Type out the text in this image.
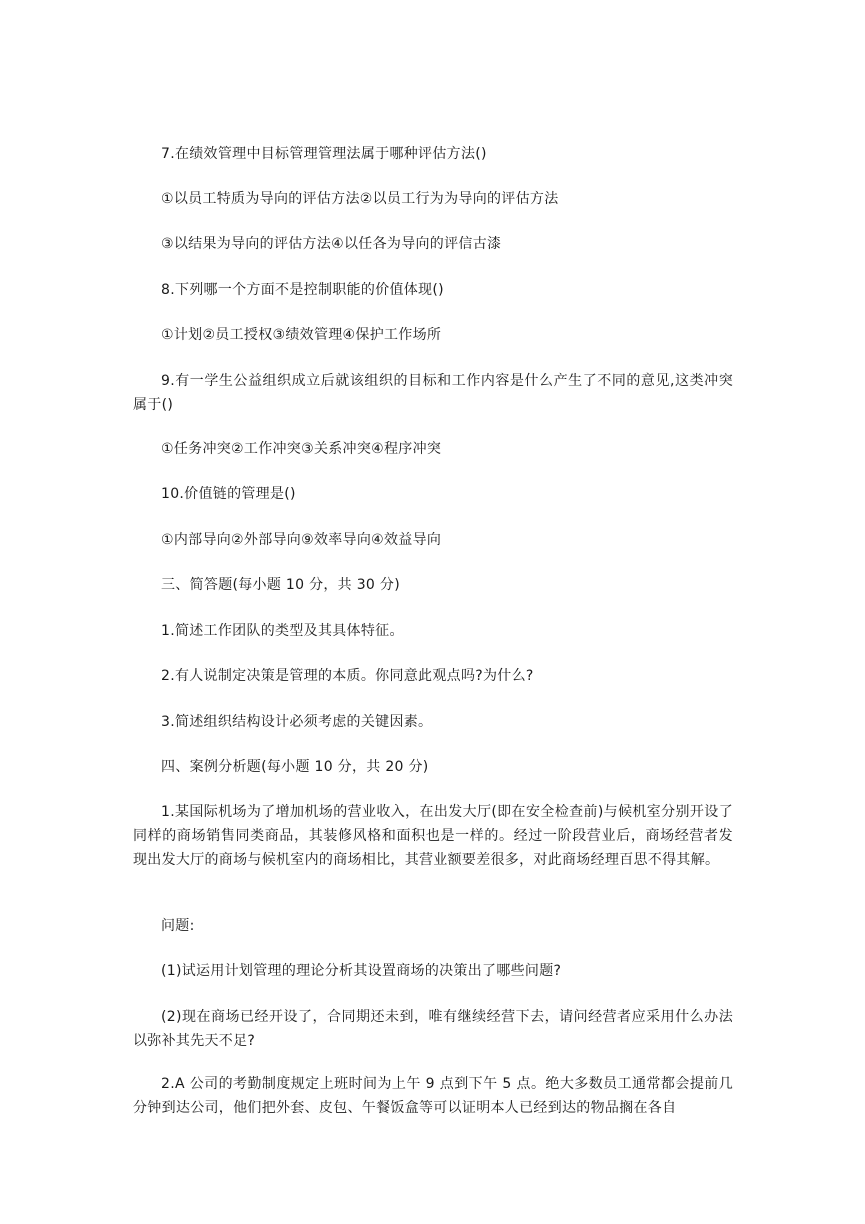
7.在绩效管理中目标管理管理法属于哪种评估方法()

①以员工特质为导向的评估方法②以员工行为为导向的评估方法

③以结果为导向的评估方法④以任各为导向的评信古漆

8.下列哪一个方面不是控制职能的价值体现()

①计划②员工授权③绩效管理④保护工作场所

9.有一学生公益组织成立后就该组织的目标和工作内容是什么产生了不同的意见,这类冲突属于()

①任务冲突②工作冲突③关系冲突④程序冲突

10.价值链的管理是()

①内部导向②外部导向⑨效率导向④效益导向

三、简答题(每小题 10 分，共 30 分)

1.简述工作团队的类型及其具体特征。

2.有人说制定决策是管理的本质。你同意此观点吗?为什么?

3.简述组织结构设计必须考虑的关键因素。

四、案例分析题(每小题 10 分，共 20 分)

1.某国际机场为了增加机场的营业收入，在出发大厅(即在安全检查前)与候机室分别开设了同样的商场销售同类商品，其装修风格和面积也是一样的。经过一阶段营业后，商场经营者发现出发大厅的商场与候机室内的商场相比，其营业额要差很多，对此商场经理百思不得其解。

问题:

(1)试运用计划管理的理论分析其设置商场的决策出了哪些问题?

(2)现在商场已经开设了，合同期还未到，唯有继续经营下去，请问经营者应采用什么办法以弥补其先天不足?

2.A 公司的考勤制度规定上班时间为上午 9 点到下午 5 点。绝大多数员工通常都会提前几分钟到达公司，他们把外套、皮包、午餐饭盒等可以证明本人已经到达的物品搁在各自
